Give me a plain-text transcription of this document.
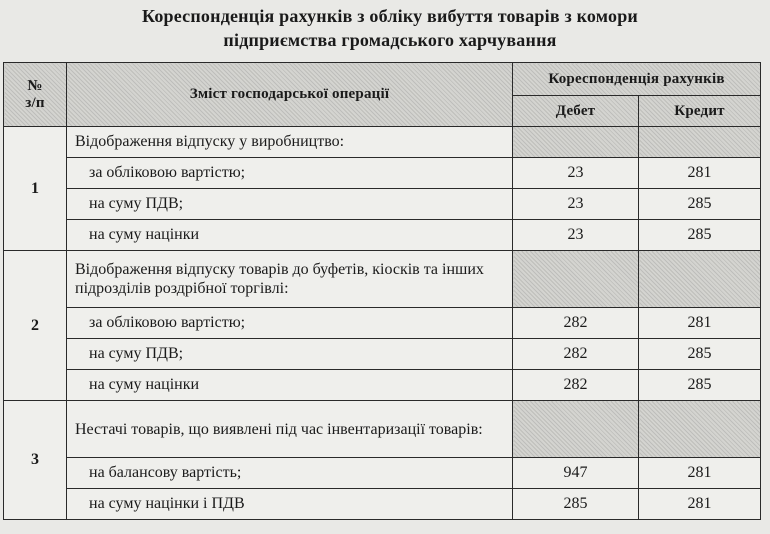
Кореспонденція рахунків з обліку вибуття товарів з комори
підприємства громадського харчування
№
з/п	Зміст господарської операції	Кореспонденція рахунків	
		Дебет	Кредит
1	Відображення відпуску у виробництво:		
	за обліковою вартістю;	23	281
	на суму ПДВ;	23	285
	на суму націнки	23	285
2	Відображення відпуску товарів до буфетів, кіосків та інших підрозділів роздрібної торгівлі:		
	за обліковою вартістю;	282	281
	на суму ПДВ;	282	285
	на суму націнки	282	285
3	Нестачі товарів, що виявлені під час інвентаризації товарів:		
	на балансову вартість;	947	281
	на суму націнки і ПДВ	285	281
